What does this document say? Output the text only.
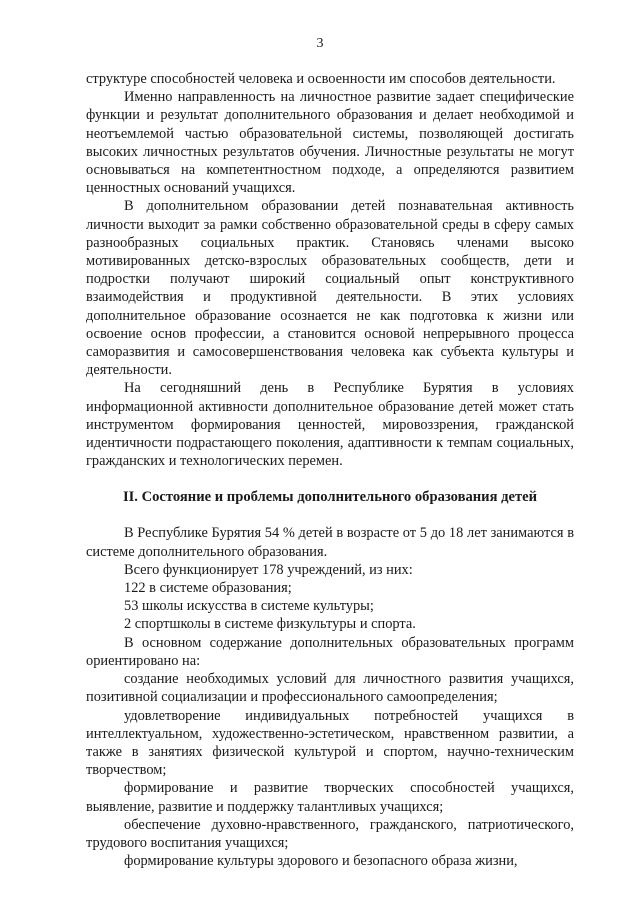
3

структуре способностей человека и освоенности им способов деятельности.

Именно направленность на личностное развитие задает специфические функции и результат дополнительного образования и делает необходимой и неотъемлемой частью образовательной системы, позволяющей достигать высоких личностных результатов обучения. Личностные результаты не могут основываться на компетентностном подходе, а определяются развитием ценностных оснований учащихся.

В дополнительном образовании детей познавательная активность личности выходит за рамки собственно образовательной среды в сферу самых разнообразных социальных практик. Становясь членами высоко мотивированных детско-взрослых образовательных сообществ, дети и подростки получают широкий социальный опыт конструктивного взаимодействия и продуктивной деятельности. В этих условиях дополнительное образование осознается не как подготовка к жизни или освоение основ профессии, а становится основой непрерывного процесса саморазвития и самосовершенствования человека как субъекта культуры и деятельности.

На сегодняшний день в Республике Бурятия в условиях информационной активности дополнительное образование детей может стать инструментом формирования ценностей, мировоззрения, гражданской идентичности подрастающего поколения, адаптивности к темпам социальных, гражданских и технологических перемен.

II. Состояние и проблемы дополнительного образования детей

В Республике Бурятия 54 % детей в возрасте от 5 до 18 лет занимаются в системе дополнительного образования.

Всего функционирует 178 учреждений, из них:

122 в системе образования;

53 школы искусства в системе культуры;

2 спортшколы в системе физкультуры и спорта.

В основном содержание дополнительных образовательных программ ориентировано на:

создание необходимых условий для личностного развития учащихся, позитивной социализации и профессионального самоопределения;

удовлетворение индивидуальных потребностей учащихся в интеллектуальном, художественно-эстетическом, нравственном развитии, а также в занятиях физической культурой и спортом, научно-техническим творчеством;

формирование и развитие творческих способностей учащихся, выявление, развитие и поддержку талантливых учащихся;

обеспечение духовно-нравственного, гражданского, патриотического, трудового воспитания учащихся;

формирование культуры здорового и безопасного образа жизни,
